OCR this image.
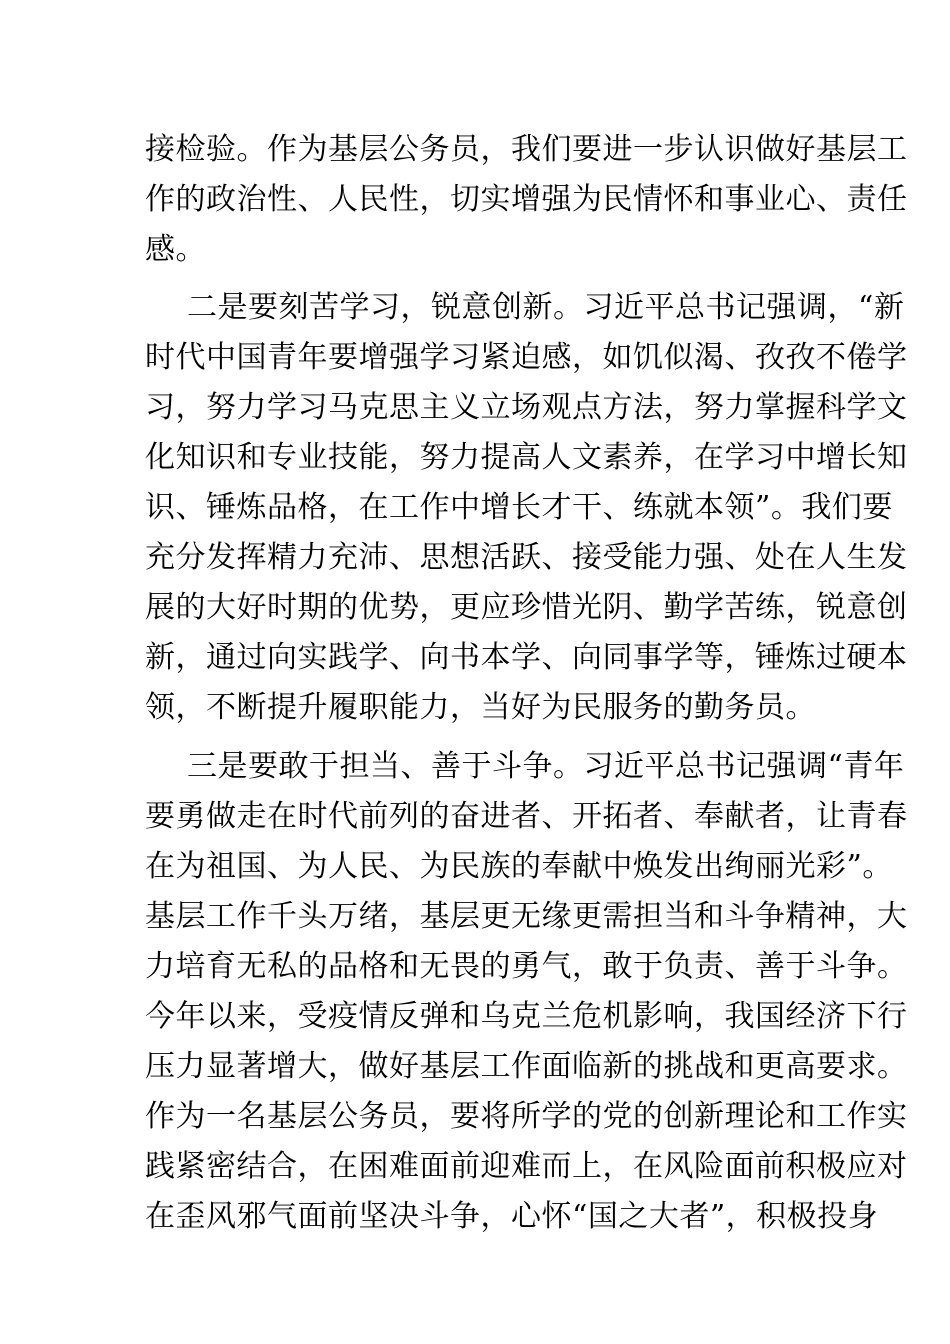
接检验。作为基层公务员，我们要进一步认识做好基层工
作的政治性、人民性，切实增强为民情怀和事业心、责任
感。
二是要刻苦学习，锐意创新。习近平总书记强调，“新
时代中国青年要增强学习紧迫感，如饥似渴、孜孜不倦学
习，努力学习马克思主义立场观点方法，努力掌握科学文
化知识和专业技能，努力提高人文素养，在学习中增长知
识、锤炼品格，在工作中增长才干、练就本领”。我们要
充分发挥精力充沛、思想活跃、接受能力强、处在人生发
展的大好时期的优势，更应珍惜光阴、勤学苦练，锐意创
新，通过向实践学、向书本学、向同事学等，锤炼过硬本
领，不断提升履职能力，当好为民服务的勤务员。
三是要敢于担当、善于斗争。习近平总书记强调“青年
要勇做走在时代前列的奋进者、开拓者、奉献者，让青春
在为祖国、为人民、为民族的奉献中焕发出绚丽光彩”。
基层工作千头万绪，基层更无缘更需担当和斗争精神，大
力培育无私的品格和无畏的勇气，敢于负责、善于斗争。
今年以来，受疫情反弹和乌克兰危机影响，我国经济下行
压力显著增大，做好基层工作面临新的挑战和更高要求。
作为一名基层公务员，要将所学的党的创新理论和工作实
践紧密结合，在困难面前迎难而上，在风险面前积极应对
在歪风邪气面前坚决斗争，心怀“国之大者”，积极投身
